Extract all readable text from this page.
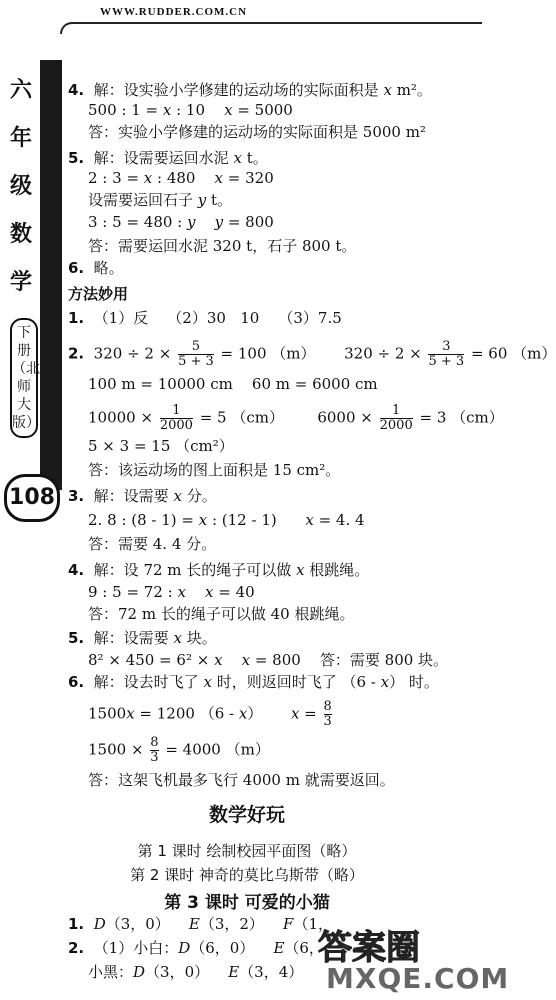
WWW.RUDDER.COM.CN
六
年
级
数
学
下册（北师大版）
108
4.  解：设实验小学修建的运动场的实际面积是 x m²。
500 : 1 = x : 10    x = 5000
答：实验小学修建的运动场的实际面积是 5000 m²
5.  解：设需要运回水泥 x t。
2 : 3 = x : 480    x = 320
设需要运回石子 y t。
3 : 5 = 480 : y y = 800
答：需要运回水泥 320 t，石子 800 t。
6.  略。
方法妙用
1.  （1）反    （2）30   10    （3）7.5
2.  $320 \div 2 \times \frac{5}{5 + 3} = 100$ （m）      $320 \div 2 \times \frac{3}{5 + 3} = 60$ （m）
100 m = 10000 cm    60 m = 6000 cm
$10000 \times \frac{1}{2000} = 5$ （cm）       $6000 \times \frac{1}{2000} = 3$ （cm）
5 × 3 = 15 （cm²）
答：该运动场的图上面积是 15 cm²。
3.  解：设需要 x 分。
2. 8 : (8 - 1) = x : (12 - 1)      x = 4. 4
答：需要 4. 4 分。
4.  解：设 72 m 长的绳子可以做 x 根跳绳。
9 : 5 = 72 : x x = 40
答：72 m 长的绳子可以做 40 根跳绳。
5.  解：设需要 x 块。
8² × 450 = 6² × x x = 800    答：需要 800 块。
6.  解：设去时飞了 x 时，则返回时飞了 （6 - x） 时。
1500x = 1200 （6 - x）      $x = \frac{8}{3}$
$1500 \times \frac{8}{3} = 4000$ （m）
答：这架飞机最多飞行 4000 m 就需要返回。
数学好玩
第 1 课时 绘制校园平面图（略）
第 2 课时 神奇的莫比乌斯带（略）
第 3 课时 可爱的小猫
1. D（3，0）    E（3，2）    F（1，
2.  （1）小白：D（6，0）    E（6，
小黑：D（3，0）    E（3，4）
答案圈
MXQE.COM
